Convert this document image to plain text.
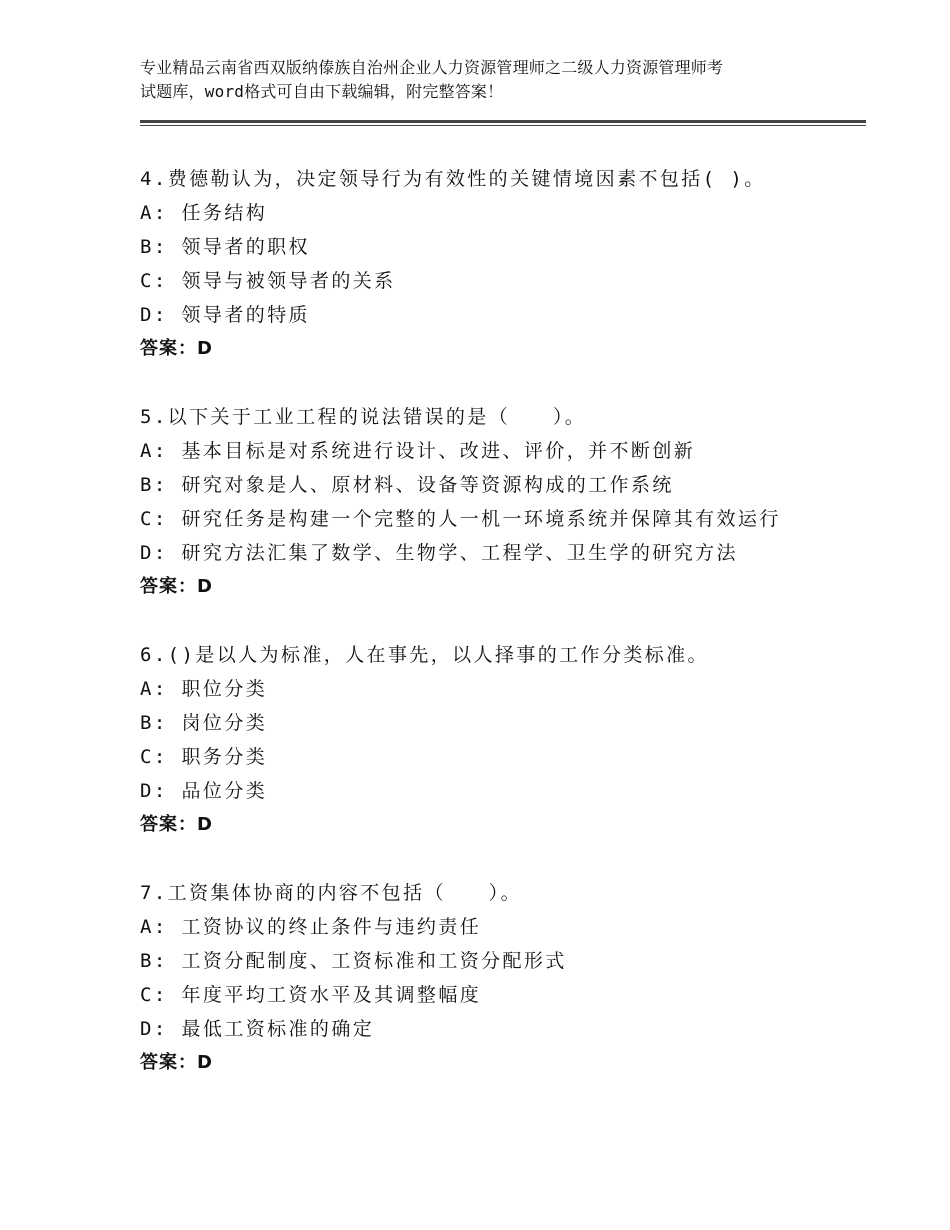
专业精品云南省西双版纳傣族自治州企业人力资源管理师之二级人力资源管理师考
试题库，word格式可自由下载编辑，附完整答案！
4.费德勒认为，决定领导行为有效性的关键情境因素不包括( )。
A: 任务结构
B: 领导者的职权
C: 领导与被领导者的关系
D: 领导者的特质
答案：D
5.以下关于工业工程的说法错误的是（　　）。
A: 基本目标是对系统进行设计、改进、评价，并不断创新
B: 研究对象是人、原材料、设备等资源构成的工作系统
C: 研究任务是构建一个完整的人一机一环境系统并保障其有效运行
D: 研究方法汇集了数学、生物学、工程学、卫生学的研究方法
答案：D
6.()是以人为标准，人在事先，以人择事的工作分类标准。
A: 职位分类
B: 岗位分类
C: 职务分类
D: 品位分类
答案：D
7.工资集体协商的内容不包括（　　）。
A: 工资协议的终止条件与违约责任
B: 工资分配制度、工资标准和工资分配形式
C: 年度平均工资水平及其调整幅度
D: 最低工资标准的确定
答案：D
